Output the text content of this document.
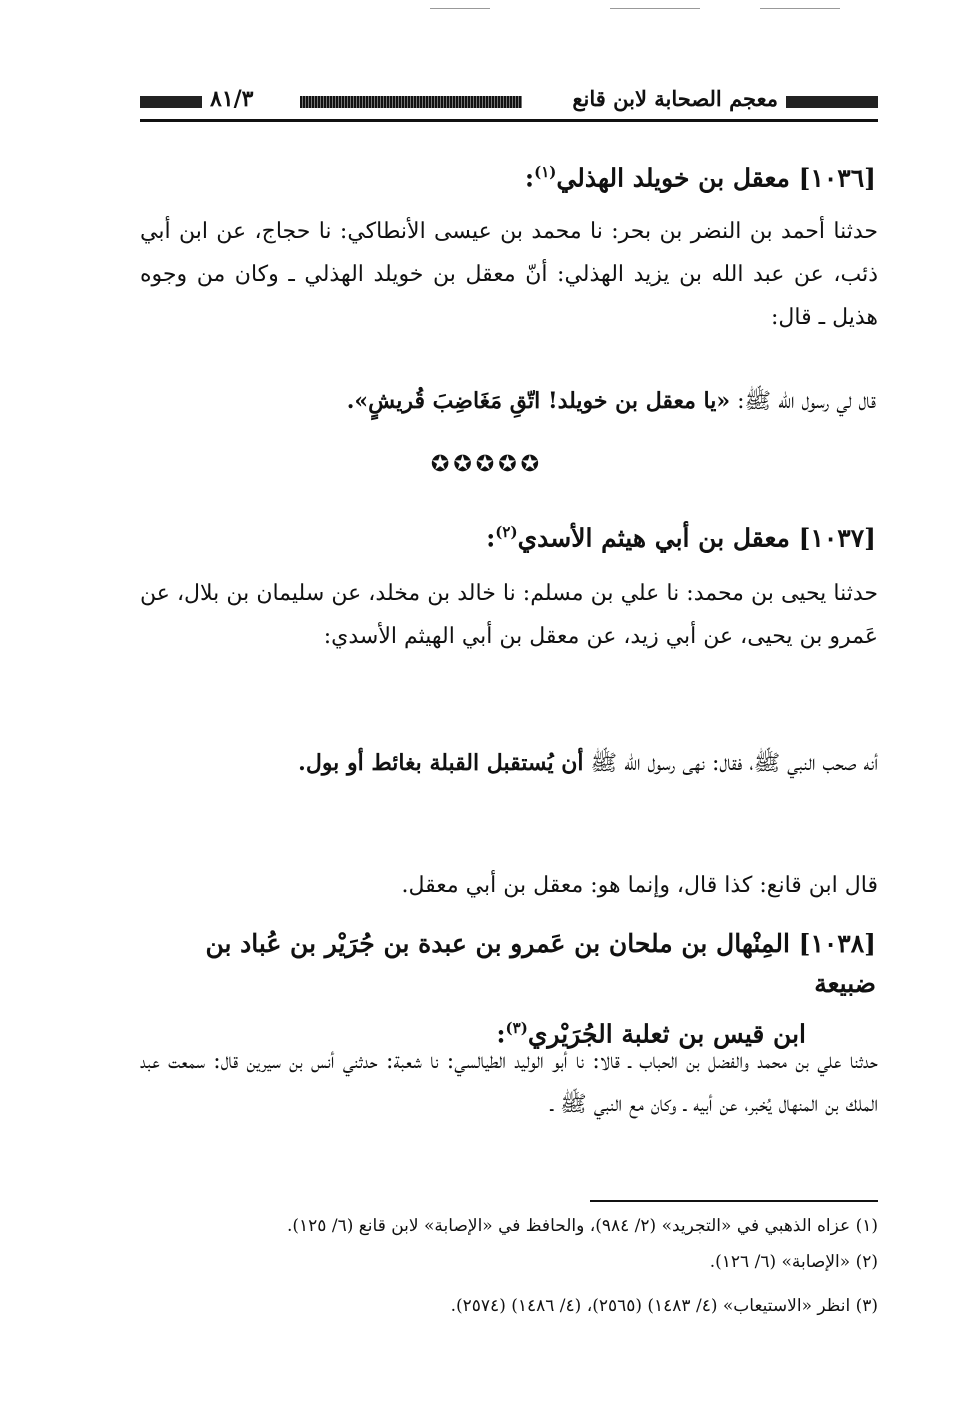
٨١/٣	معجم الصحابة لابن قانع
[١٠٣٦] معقل بن خويلد الهذلي$^{(١)}$:
حدثنا أحمد بن النضر بن بحر: نا محمد بن عيسى الأنطاكي: نا حجاج، عن ابن أبي ذئب، عن عبد الله بن يزيد الهذلي: أنّ معقل بن خويلد الهذلي ـ وكان من وجوه هذيل ـ قال:
قال لي رسول الله ﷺ: «يا معقل بن خويلد! اتّقِ مَغَاضِبَ قُريشٍ».
✪✪✪✪✪
[١٠٣٧] معقل بن أبي هيثم الأسدي$^{(٢)}$:
حدثنا يحيى بن محمد: نا علي بن مسلم: نا خالد بن مخلد، عن سليمان بن بلال، عن عَمرو بن يحيى، عن أبي زيد، عن معقل بن أبي الهيثم الأسدي:
أنه صحب النبي ﷺ، فقال: نهى رسول الله ﷺ أن يُستقبل القبلة بغائط أو بول.
قال ابن قانع: كذا قال، وإنما هو: معقل بن أبي معقل.
[١٠٣٨] المِنْهال بن ملحان بن عَمرو بن عبدة بن جُرَيْر بن عُباد بن ضبيعة
ابن قيس بن ثعلبة الجُرَيْري$^{(٣)}$:
حدثنا علي بن محمد والفضل بن الحباب ـ قالا: نا أبو الوليد الطيالسي: نا شعبة: حدثني أنس بن سيرين قال: سمعت عبد الملك بن المنهال يُخبر، عن أبيه ـ وكان مع النبي ﷺ ـ
(١) عزاه الذهبي في «التجريد» (٢/ ٩٨٤)، والحافظ في «الإصابة» لابن قانع (٦/ ١٢٥).
(٢) «الإصابة» (٦/ ١٢٦).
(٣) انظر «الاستيعاب» (٤/ ١٤٨٣) (٢٥٦٥)، (٤/ ١٤٨٦) (٢٥٧٤).
